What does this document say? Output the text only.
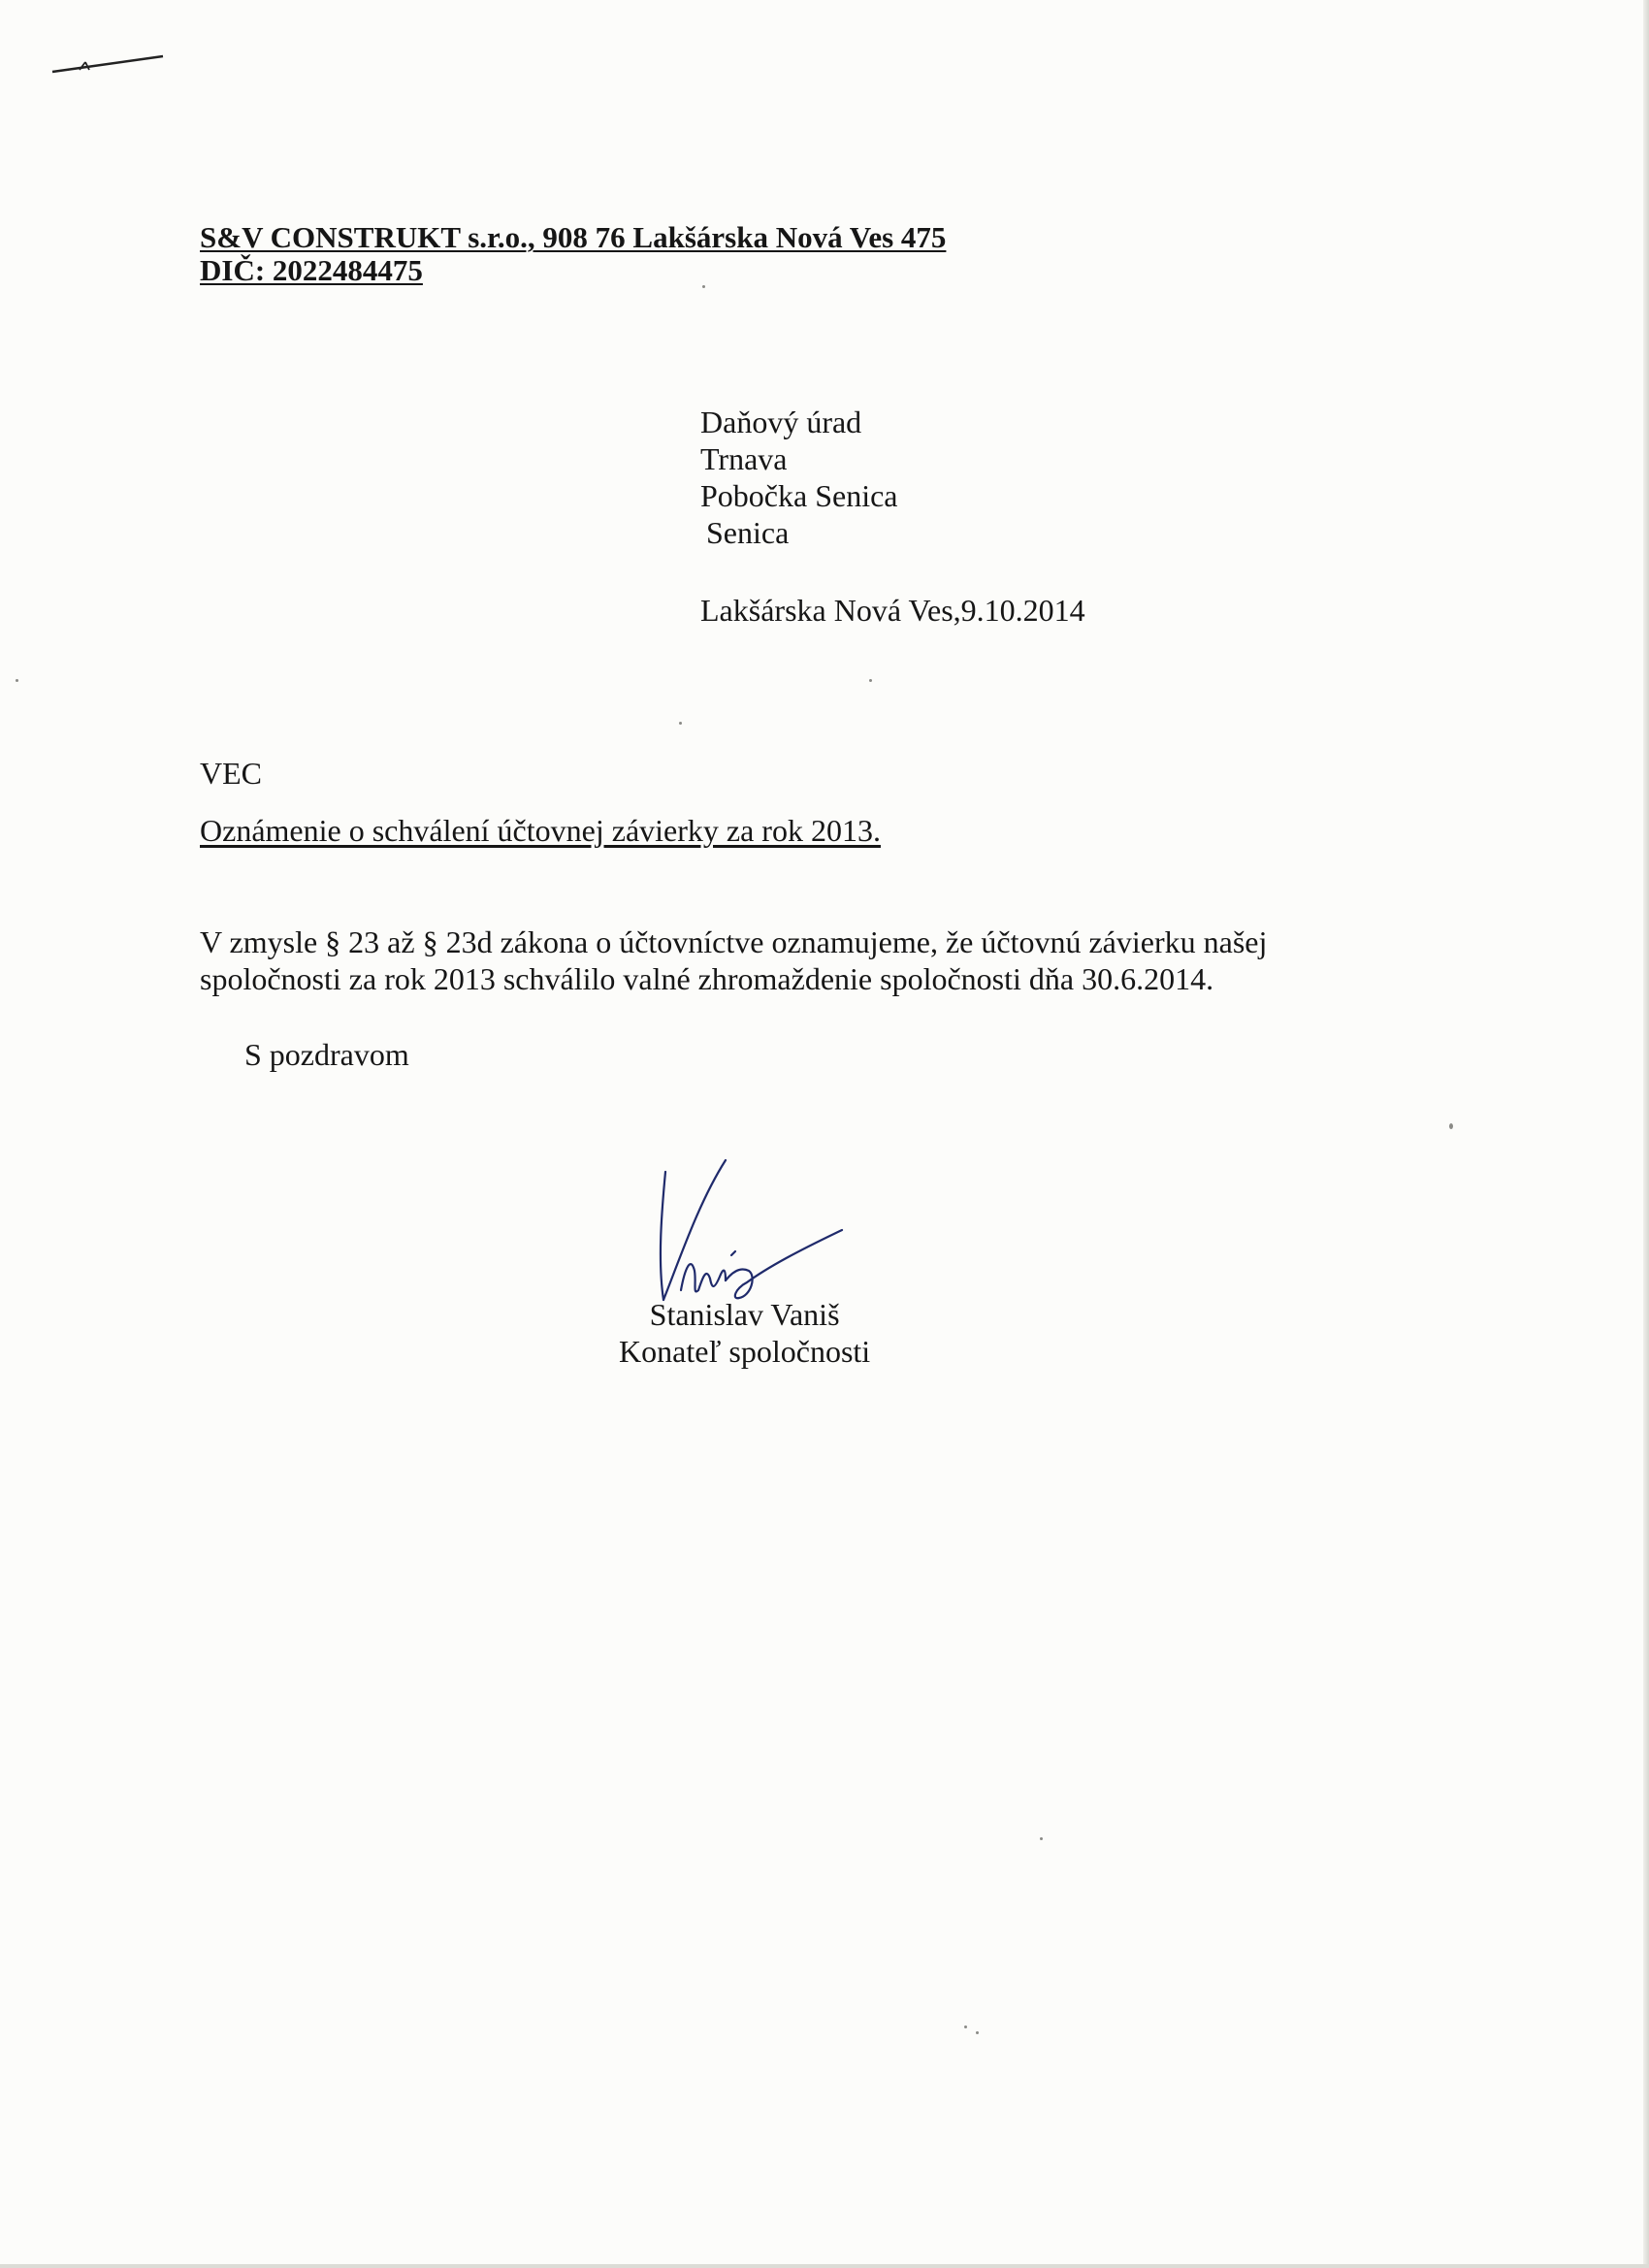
S&V CONSTRUKT s.r.o., 908 76 Lakšárska Nová Ves 475
DIČ: 2022484475
Daňový úrad
Trnava
Pobočka Senica
Senica
Lakšárska Nová Ves,9.10.2014
VEC
Oznámenie o schválení účtovnej závierky za rok 2013.
V zmysle § 23 až § 23d zákona o účtovníctve oznamujeme, že účtovnú závierku našej
spoločnosti za rok 2013 schválilo valné zhromaždenie spoločnosti dňa 30.6.2014.
S pozdravom
Stanislav Vaniš
Konateľ spoločnosti
